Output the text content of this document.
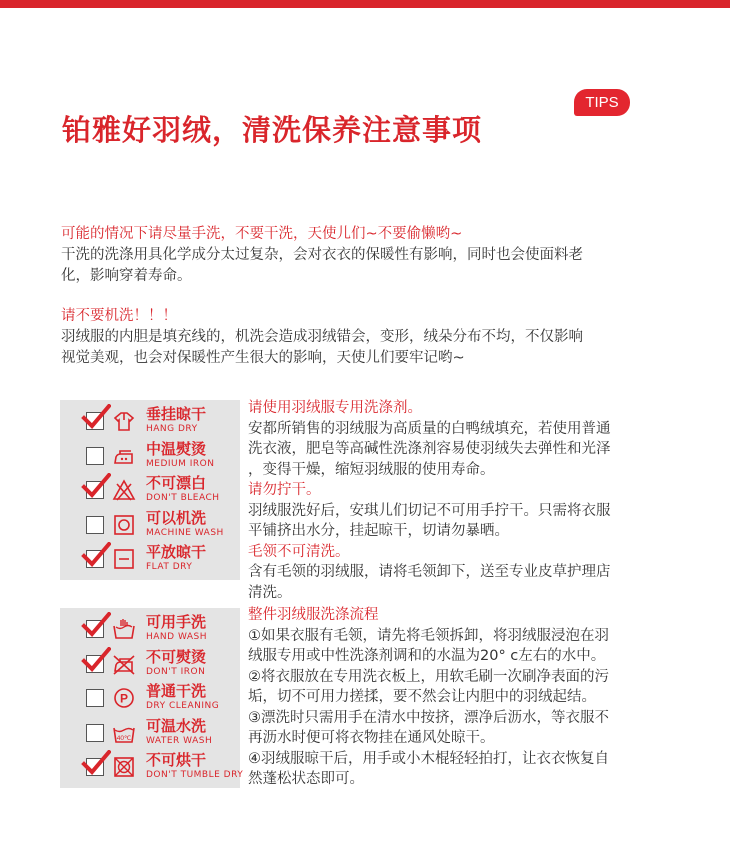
铂雅好羽绒，清洗保养注意事项
TIPS

可能的情况下请尽量手洗，不要干洗，天使儿们~不要偷懒哟~

干洗的洗涤用具化学成分太过复杂，会对衣衣的保暖性有影响，同时也会使面料老

化，影响穿着寿命。

请不要机洗！！！

羽绒服的内胆是填充线的，机洗会造成羽绒错会，变形，绒朵分布不均，不仅影响

视觉美观，也会对保暖性产生很大的影响，天使儿们要牢记哟~

垂挂晾干
HANG DRY
中温熨烫
MEDIUM IRON
不可漂白
DON'T BLEACH
可以机洗
MACHINE WASH
平放晾干
FLAT DRY
可用手洗
HAND WASH
不可熨烫
DON'T IRON
P 普通干洗
DRY CLEANING
40℃
可温水洗
WATER WASH
不可烘干
DON'T TUMBLE DRY

请使用羽绒服专用洗涤剂。

安都所销售的羽绒服为高质量的白鸭绒填充，若使用普通

洗衣液，肥皂等高碱性洗涤剂容易使羽绒失去弹性和光泽

，变得干燥，缩短羽绒服的使用寿命。

请勿拧干。

羽绒服洗好后，安琪儿们切记不可用手拧干。只需将衣服

平铺挤出水分，挂起晾干，切请勿暴晒。

毛领不可清洗。

含有毛领的羽绒服，请将毛领卸下，送至专业皮草护理店

清洗。

整件羽绒服洗涤流程

①如果衣服有毛领，请先将毛领拆卸，将羽绒服浸泡在羽

绒服专用或中性洗涤剂调和的水温为20° c左右的水中。

②将衣服放在专用洗衣板上，用软毛刷一次刷净表面的污

垢，切不可用力搓揉，要不然会让内胆中的羽绒起结。

③漂洗时只需用手在清水中按挤，漂净后沥水，等衣服不

再沥水时便可将衣物挂在通风处晾干。

④羽绒服晾干后，用手或小木棍轻轻拍打，让衣衣恢复自

然蓬松状态即可。
